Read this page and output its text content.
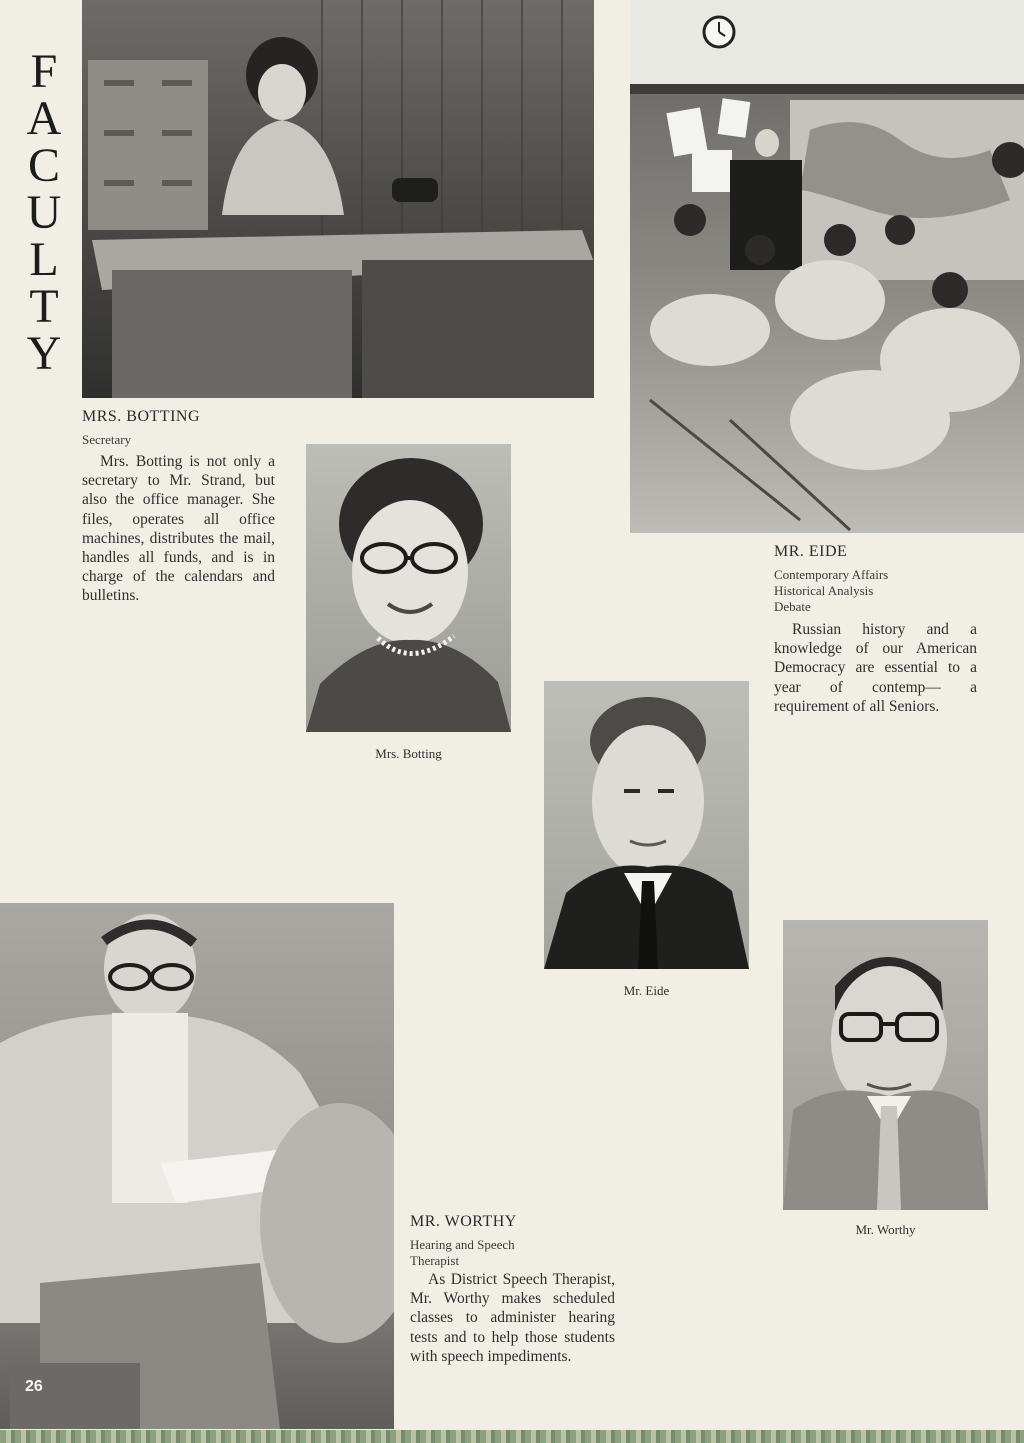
F
A
C
U
L
T
Y
MRS. BOTTING
Secretary
Mrs. Botting is not only a secretary to Mr. Strand, but also the office manager. She files, operates all office machines, distributes the mail, handles all funds, and is in charge of the calendars and bulletins.
Mrs. Botting
MR. EIDE
Contemporary Affairs
Historical Analysis
Debate
Russian history and a knowledge of our American Democracy are essential to a year of contemp— a requirement of all Seniors.
Mr. Eide
26
MR. WORTHY
Hearing and Speech
Therapist
As District Speech Therapist, Mr. Worthy makes scheduled classes to administer hearing tests and to help those students with speech impediments.
Mr. Worthy
